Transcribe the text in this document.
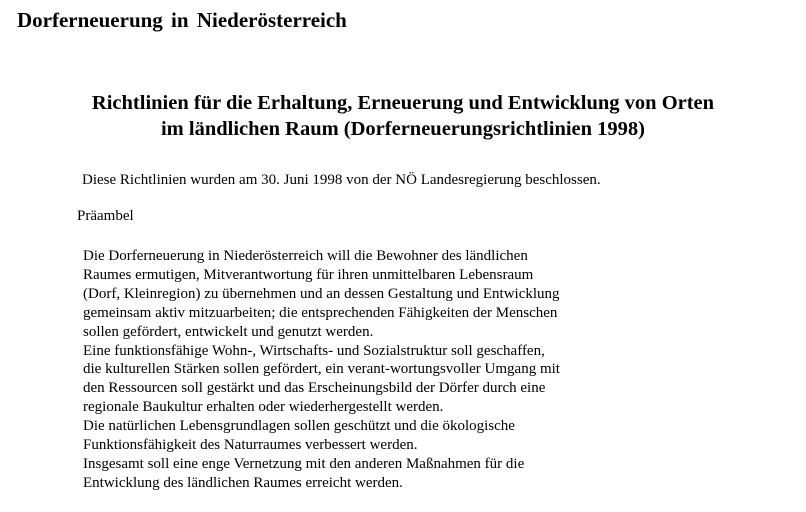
Dorferneuerung in Niederösterreich
Richtlinien für die Erhaltung, Erneuerung und Entwicklung von Orten
im ländlichen Raum (Dorferneuerungsrichtlinien 1998)
Diese Richtlinien wurden am 30. Juni 1998 von der NÖ Landesregierung beschlossen.
Präambel
Die Dorferneuerung in Niederösterreich will die Bewohner des ländlichen
Raumes ermutigen, Mitverantwortung für ihren unmittelbaren Lebensraum
(Dorf, Kleinregion) zu übernehmen und an dessen Gestaltung und Entwicklung
gemeinsam aktiv mitzuarbeiten; die entsprechenden Fähigkeiten der Menschen
sollen gefördert, entwickelt und genutzt werden.
Eine funktionsfähige Wohn-, Wirtschafts- und Sozialstruktur soll geschaffen,
die kulturellen Stärken sollen gefördert, ein verant-wortungsvoller Umgang mit
den Ressourcen soll gestärkt und das Erscheinungsbild der Dörfer durch eine
regionale Baukultur erhalten oder wiederhergestellt werden.
Die natürlichen Lebensgrundlagen sollen geschützt und die ökologische
Funktionsfähigkeit des Naturraumes verbessert werden.
Insgesamt soll eine enge Vernetzung mit den anderen Maßnahmen für die
Entwicklung des ländlichen Raumes erreicht werden.
